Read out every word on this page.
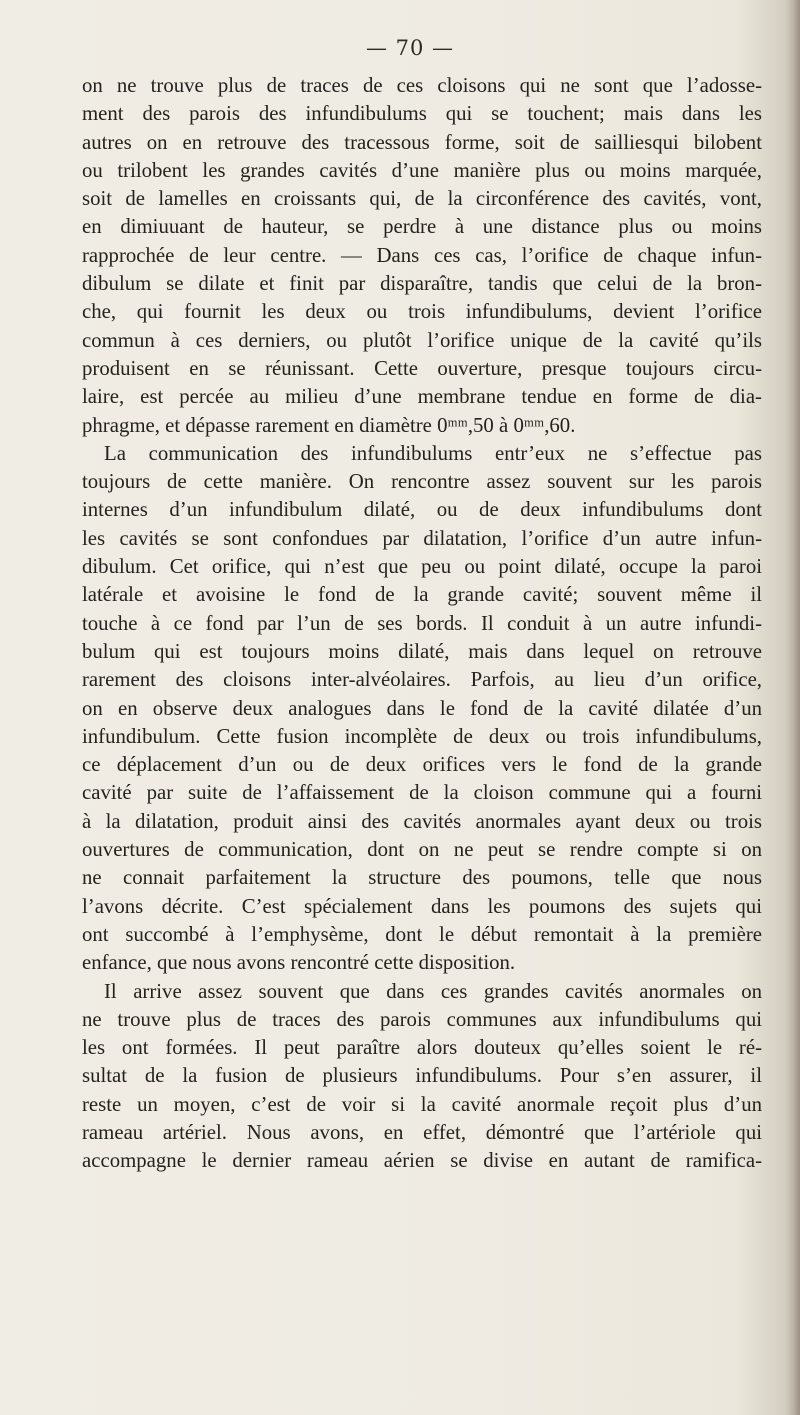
— 70 —
on ne trouve plus de traces de ces cloisons qui ne sont que l’adosse-
ment des parois des infundibulums qui se touchent; mais dans les
autres on en retrouve des tracessous forme, soit de sailliesqui bilobent
ou trilobent les grandes cavités d’une manière plus ou moins marquée,
soit de lamelles en croissants qui, de la circonférence des cavités, vont,
en dimiuuant de hauteur, se perdre à une distance plus ou moins
rapprochée de leur centre. — Dans ces cas, l’orifice de chaque infun-
dibulum se dilate et finit par disparaître, tandis que celui de la bron-
che, qui fournit les deux ou trois infundibulums, devient l’orifice
commun à ces derniers, ou plutôt l’orifice unique de la cavité qu’ils
produisent en se réunissant. Cette ouverture, presque toujours circu-
laire, est percée au milieu d’une membrane tendue en forme de dia-
phragme, et dépasse rarement en diamètre 0ᵐᵐ,50 à 0ᵐᵐ,60.
La communication des infundibulums entr’eux ne s’effectue pas
toujours de cette manière. On rencontre assez souvent sur les parois
internes d’un infundibulum dilaté, ou de deux infundibulums dont
les cavités se sont confondues par dilatation, l’orifice d’un autre infun-
dibulum. Cet orifice, qui n’est que peu ou point dilaté, occupe la paroi
latérale et avoisine le fond de la grande cavité; souvent même il
touche à ce fond par l’un de ses bords. Il conduit à un autre infundi-
bulum qui est toujours moins dilaté, mais dans lequel on retrouve
rarement des cloisons inter-alvéolaires. Parfois, au lieu d’un orifice,
on en observe deux analogues dans le fond de la cavité dilatée d’un
infundibulum. Cette fusion incomplète de deux ou trois infundibulums,
ce déplacement d’un ou de deux orifices vers le fond de la grande
cavité par suite de l’affaissement de la cloison commune qui a fourni
à la dilatation, produit ainsi des cavités anormales ayant deux ou trois
ouvertures de communication, dont on ne peut se rendre compte si on
ne connait parfaitement la structure des poumons, telle que nous
l’avons décrite. C’est spécialement dans les poumons des sujets qui
ont succombé à l’emphysème, dont le début remontait à la première
enfance, que nous avons rencontré cette disposition.
Il arrive assez souvent que dans ces grandes cavités anormales on
ne trouve plus de traces des parois communes aux infundibulums qui
les ont formées. Il peut paraître alors douteux qu’elles soient le ré-
sultat de la fusion de plusieurs infundibulums. Pour s’en assurer, il
reste un moyen, c’est de voir si la cavité anormale reçoit plus d’un
rameau artériel. Nous avons, en effet, démontré que l’artériole qui
accompagne le dernier rameau aérien se divise en autant de ramifica-
